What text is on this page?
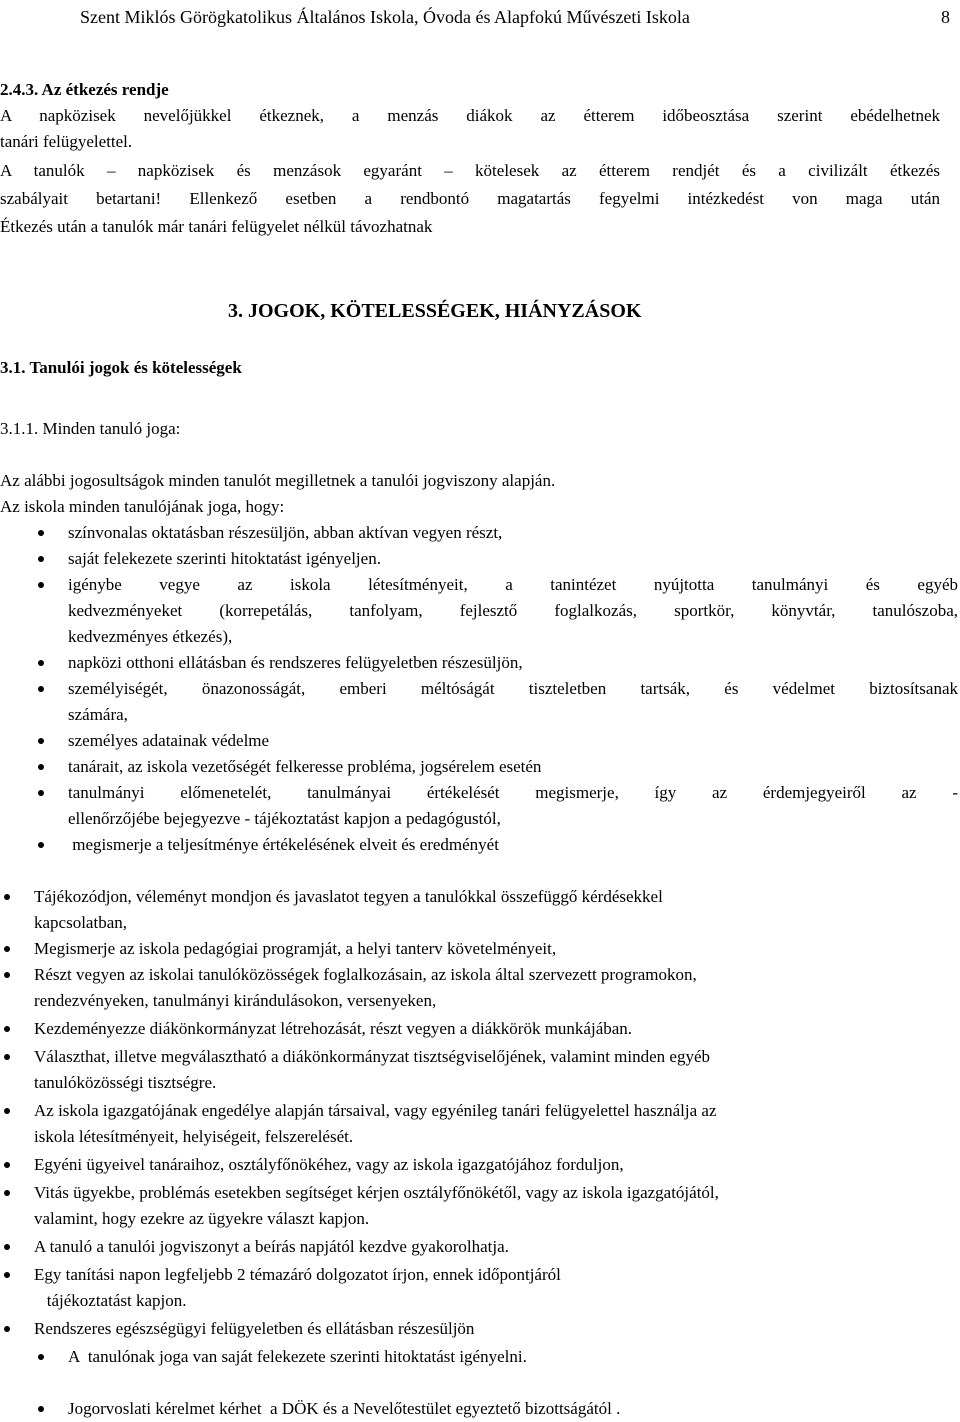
Szent Miklós Görögkatolikus Általános Iskola, Óvoda és Alapfokú Művészeti Iskola	8
2.4.3. Az étkezés rendje
A napközisek nevelőjükkel étkeznek, a menzás diákok az étterem időbeosztása szerint ebédelhetnek
tanári felügyelettel.
A tanulók – napközisek és menzások egyaránt – kötelesek az étterem rendjét és a civilizált étkezés
szabályait betartani! Ellenkező esetben a rendbontó magatartás fegyelmi intézkedést von maga után
Étkezés után a tanulók már tanári felügyelet nélkül távozhatnak
3. JOGOK, KÖTELESSÉGEK, HIÁNYZÁSOK
3.1. Tanulói jogok és kötelességek
3.1.1. Minden tanuló joga:
Az alábbi jogosultságok minden tanulót megilletnek a tanulói jogviszony alapján.
Az iskola minden tanulójának joga, hogy:
színvonalas oktatásban részesüljön, abban aktívan vegyen részt,
saját felekezete szerinti hitoktatást igényeljen.
igénybe vegye az iskola létesítményeit, a tanintézet nyújtotta tanulmányi és egyéb
kedvezményeket (korrepetálás, tanfolyam, fejlesztő foglalkozás, sportkör, könyvtár, tanulószoba,
kedvezményes étkezés),
napközi otthoni ellátásban és rendszeres felügyeletben részesüljön,
személyiségét, önazonosságát, emberi méltóságát tiszteletben tartsák, és védelmet biztosítsanak
számára,
személyes adatainak védelme
tanárait, az iskola vezetőségét felkeresse probléma, jogsérelem esetén
tanulmányi előmenetelét, tanulmányai értékelését megismerje, így az érdemjegyeiről az -
ellenőrzőjébe bejegyezve - tájékoztatást kapjon a pedagógustól,
megismerje a teljesítménye értékelésének elveit és eredményét
Tájékozódjon, véleményt mondjon és javaslatot tegyen a tanulókkal összefüggő kérdésekkel
kapcsolatban,
Megismerje az iskola pedagógiai programját, a helyi tanterv követelményeit,
Részt vegyen az iskolai tanulóközösségek foglalkozásain, az iskola által szervezett programokon,
rendezvényeken, tanulmányi kirándulásokon, versenyeken,
Kezdeményezze diákönkormányzat létrehozását, részt vegyen a diákkörök munkájában.
Választhat, illetve megválasztható a diákönkormányzat tisztségviselőjének, valamint minden egyéb
tanulóközösségi tisztségre.
Az iskola igazgatójának engedélye alapján társaival, vagy egyénileg tanári felügyelettel használja az
iskola létesítményeit, helyiségeit, felszerelését.
Egyéni ügyeivel tanáraihoz, osztályfőnökéhez, vagy az iskola igazgatójához forduljon,
Vitás ügyekbe, problémás esetekben segítséget kérjen osztályfőnökétől, vagy az iskola igazgatójától,
valamint, hogy ezekre az ügyekre választ kapjon.
A tanuló a tanulói jogviszonyt a beírás napjától kezdve gyakorolhatja.
Egy tanítási napon legfeljebb 2 témazáró dolgozatot írjon, ennek időpontjáról
tájékoztatást kapjon.
Rendszeres egészségügyi felügyeletben és ellátásban részesüljön
A  tanulónak joga van saját felekezete szerinti hitoktatást igényelni.
Jogorvoslati kérelmet kérhet  a DÖK és a Nevelőtestület egyeztető bizottságától .
